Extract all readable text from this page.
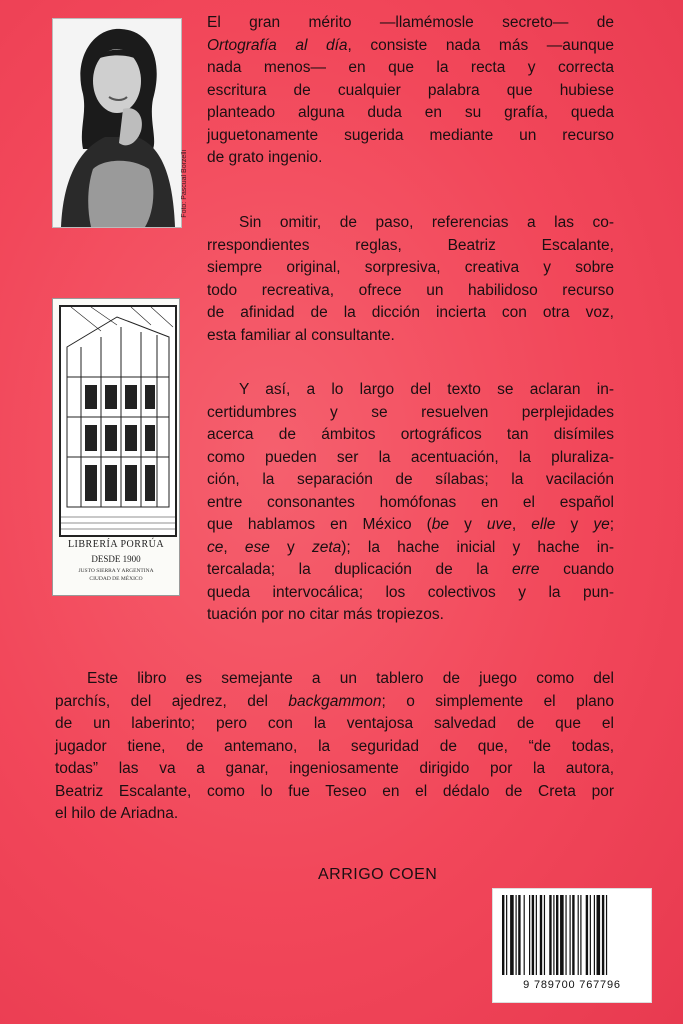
Foto: Pascual Borzelli
LIBRERÍA PORRÚA
DESDE 1900
JUSTO SIERRA Y ARGENTINA
CIUDAD DE MÉXICO
El gran mérito —llamémosle secreto— de
Ortografía al día, consiste nada más —aunque
nada menos— en que la recta y correcta
escritura de cualquier palabra que hubiese
planteado alguna duda en su grafía, queda
juguetonamente sugerida mediante un recurso
de grato ingenio.
Sin omitir, de paso, referencias a las co-
rrespondientes reglas, Beatriz Escalante,
siempre original, sorpresiva, creativa y sobre
todo recreativa, ofrece un habilidoso recurso
de afinidad de la dicción incierta con otra voz,
esta familiar al consultante.
Y así, a lo largo del texto se aclaran in-
certidumbres y se resuelven perplejidades
acerca de ámbitos ortográficos tan disímiles
como pueden ser la acentuación, la pluraliza-
ción, la separación de sílabas; la vacilación
entre consonantes homófonas en el español
que hablamos en México (be y uve, elle y ye;
ce, ese y zeta); la hache inicial y hache in-
tercalada; la duplicación de la erre cuando
queda intervocálica; los colectivos y la pun-
tuación por no citar más tropiezos.
Este libro es semejante a un tablero de juego como del
parchís, del ajedrez, del backgammon; o simplemente el plano
de un laberinto; pero con la ventajosa salvedad de que el
jugador tiene, de antemano, la seguridad de que, “de todas,
todas” las va a ganar, ingeniosamente dirigido por la autora,
Beatriz Escalante, como lo fue Teseo en el dédalo de Creta por
el hilo de Ariadna.
ARRIGO COEN
9 789700 767796
